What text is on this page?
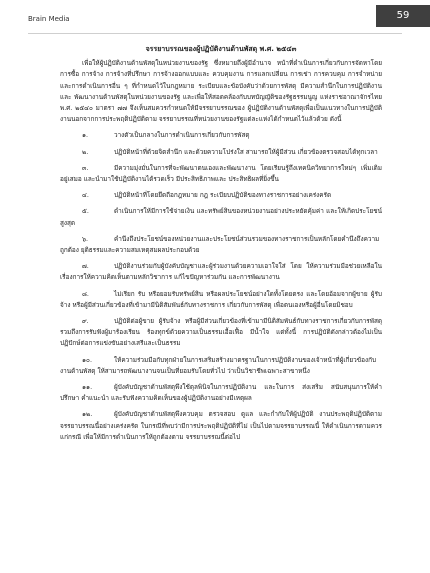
Brain Media	59
จรรยาบรรณของผู้ปฏิบัติงานด้านพัสดุ พ.ศ. ๒๕๔๓

เพื่อให้ผู้ปฏิบัติงานด้านพัสดุในหน่วยงานของรัฐ ซึ่งหมายถึงผู้มีอำนาจ หน้าที่ดำเนินการเกี่ยวกับการจัดหาโดย การซื้อ การจ้าง การจ้างที่ปรึกษา การจ้างออกแบบและ ควบคุมงาน การแลกเปลี่ยน การเช่า การควบคุม การจำหน่าย และการดำเนินการอื่น ๆ ที่กำหนดไว้ในกฎหมาย ระเบียบและข้อบังคับว่าด้วยการพัสดุ มีความสำนึกในการปฏิบัติงานและ พัฒนางานด้านพัสดุในหน่วยงานของรัฐ และเพื่อให้สอดคล้องกับบทบัญญัติของรัฐธรรมนูญ แห่งราชอาณาจักรไทย พ.ศ. ๒๕๔๐ มาตรา ๗๗ จึงเห็นสมควรกำหนดให้มีจรรยาบรรณของ ผู้ปฏิบัติงานด้านพัสดุเพื่อเป็นแนวทางในการปฏิบัติงานนอกจากการประพฤติปฏิบัติตาม จรรยาบรรณที่หน่วยงานของรัฐแต่ละแห่งได้กำหนดไว้แล้วด้วย ดังนี้

๑.	วางตัวเป็นกลางในการดำเนินการเกี่ยวกับการพัสดุ

๒.	ปฏิบัติหน้าที่ด้วยจิตสำนึก และด้วยความโปร่งใส สามารถให้ผู้มีส่วน เกี่ยวข้องตรวจสอบได้ทุกเวลา

๓.	มีความมุ่งมั่นในการที่จะพัฒนาตนเองและพัฒนางาน โดยเรียนรู้ถึงเทคนิควิทยาการใหม่ๆ เพิ่มเติมอยู่เสมอ และนำมาใช้ปฏิบัติงานได้รวดเร็ว มีประสิทธิภาพและ ประสิทธิผลที่ยิ่งขึ้น

๔.	ปฏิบัติหน้าที่โดยยึดถือกฎหมาย กฎ ระเบียบปฏิบัติของทางราชการอย่างเคร่งครัด

๕.	ดำเนินการให้มีการใช้จ่ายเงิน และทรัพย์สินของหน่วยงานอย่างประหยัดคุ้มค่า และให้เกิดประโยชน์สูงสุด

๖.	คำนึงถึงประโยชน์ของหน่วยงานและประโยชน์ส่วนรวมของทางราชการเป็นหลักโดยคำนึงถึงความถูกต้อง ยุติธรรมและความสมเหตุสมผลประกอบด้วย

๗.	ปฏิบัติงานร่วมกับผู้บังคับบัญชาและผู้ร่วมงานด้วยความเอาใจใส่ โดย ให้ความร่วมมือช่วยเหลือในเรื่องการให้ความคิดเห็นตามหลักวิชาการ แก้ไขปัญหาร่วมกัน และการพัฒนางาน

๘.	ไม่เรียก รับ หรือยอมรับทรัพย์สิน หรือผลประโยชน์อย่างใดทั้งโดยตรง และโดยอ้อมจากผู้ขาย ผู้รับจ้าง หรือผู้มีส่วนเกี่ยวข้องที่เข้ามามีนิติสัมพันธ์กับทางราชการ เกี่ยวกับการพัสดุ เพื่อตนเองหรือผู้อื่นโดยมิชอบ

๙.	ปฏิบัติต่อผู้ขาย ผู้รับจ้าง หรือผู้มีส่วนเกี่ยวข้องที่เข้ามามีนิติสัมพันธ์กับทางราชการเกี่ยวกับการพัสดุ รวมถึงการรับฟังผู้มาร้องเรียน ร้องทุกข์ด้วยความเป็นธรรมเอื้อเฟื้อ มีน้ำใจ แต่ทั้งนี้ การปฏิบัติดังกล่าวต้องไม่เป็นปฏิปักษ์ต่อการแข่งขันอย่างเสรีและเป็นธรรม

๑๐.	ให้ความร่วมมือกับทุกฝ่ายในการเสริมสร้างมาตรฐานในการปฏิบัติงานของเจ้าหน้าที่ผู้เกี่ยวข้องกับงานด้านพัสดุ ให้สามารถพัฒนางานจนเป็นที่ยอมรับโดยทั่วไป ว่าเป็นวิชาชีพเฉพาะสาขาหนึ่ง

๑๑.	ผู้บังคับบัญชาด้านพัสดุพึงใช้ดุลพินิจในการปฏิบัติงาน และในการ ส่งเสริม สนับสนุนการให้คำปรึกษา คำแนะนำ และรับฟังความคิดเห็นของผู้ปฏิบัติงานอย่างมีเหตุผล

๑๒.	ผู้บังคับบัญชาด้านพัสดุพึงควบคุม ตรวจสอบ ดูแล และกำกับให้ผู้ปฏิบัติ งานประพฤติปฏิบัติตามจรรยาบรรณนี้อย่างเคร่งครัด ในกรณีที่พบว่ามีการประพฤติปฏิบัติที่ไม่ เป็นไปตามจรรยาบรรณนี้ ให้ดำเนินการตามควรแก่กรณี เพื่อให้มีการดำเนินการให้ถูกต้องตาม จรรยาบรรณนี้ต่อไป
